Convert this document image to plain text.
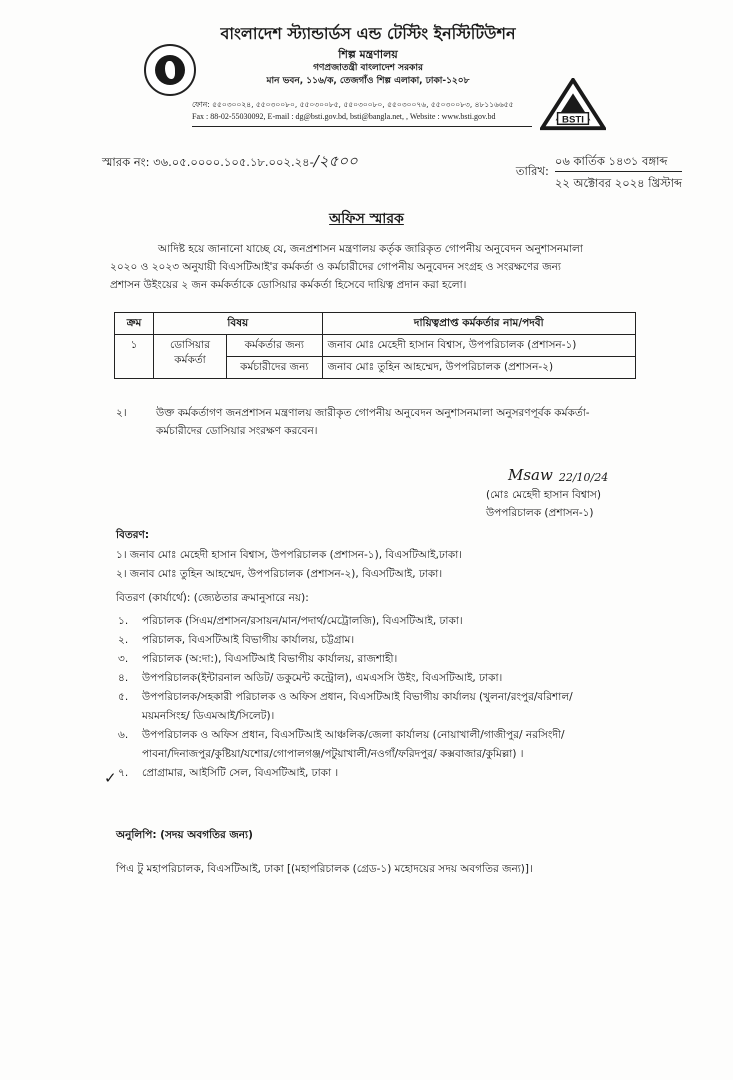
বাংলাদেশ স্ট্যান্ডার্ডস এন্ড টেস্টিং ইনস্টিটিউশন
শিল্প মন্ত্রণালয়
গণপ্রজাতন্ত্রী বাংলাদেশ সরকার
মান ভবন, ১১৬/ক, তেজগাঁও শিল্প এলাকা, ঢাকা-১২০৮
ফোন: ৫৫০৩০০২৪, ৫৫০৩০০৮০, ৫৫০৩০০৮৫, ৫৫০৩০০৮০, ৫৫০৩০০৭৬, ৫৫০৩০০৮৩, ৪৮১১৬৬৫৫
Fax : 88-02-55030092, E-mail : dg@bsti.gov.bd, bsti@bangla.net, , Website : www.bsti.gov.bd	BSTI
স্মারক নং: ৩৬.০৫.০০০০.১০৫.১৮.০০২.২৪-/২৫০০
তারিখ:
০৬ কার্তিক ১৪৩১ বঙ্গাব্দ
২২ অক্টোবর ২০২৪ খ্রিস্টাব্দ
অফিস স্মারক
আদিষ্ট হয়ে জানানো যাচ্ছে যে, জনপ্রশাসন মন্ত্রণালয় কর্তৃক জারিকৃত গোপনীয় অনুবেদন অনুশাসনমালা
২০২০ ও ২০২৩ অনুযায়ী বিএসটিআই'র কর্মকর্তা ও কর্মচারীদের গোপনীয় অনুবেদন সংগ্রহ ও সংরক্ষণের জন্য
প্রশাসন উইংয়ের ২ জন কর্মকর্তাকে ডোসিয়ার কর্মকর্তা হিসেবে দায়িত্ব প্রদান করা হলো।
ক্রম	বিষয়		দায়িত্বপ্রাপ্ত কর্মকর্তার নাম/পদবী
১	ডোসিয়ার কর্মকর্তা	কর্মকর্তার জন্য	জনাব মোঃ মেহেদী হাসান বিশ্বাস, উপপরিচালক (প্রশাসন-১)
		কর্মচারীদের জন্য	জনাব মোঃ তুহিন আহম্মেদ, উপপরিচালক (প্রশাসন-২)
২।	উক্ত কর্মকর্তাগণ জনপ্রশাসন মন্ত্রণালয় জারীকৃত গোপনীয় অনুবেদন অনুশাসনমালা অনুসরণপূর্বক কর্মকর্তা-
কর্মচারীদের ডোসিয়ার সংরক্ষণ করবেন।
Msaw 22/10/24
(মোঃ মেহেদী হাসান বিশ্বাস)
উপপরিচালক (প্রশাসন-১)
বিতরণ:
১। জনাব মোঃ মেহেদী হাসান বিশ্বাস, উপপরিচালক (প্রশাসন-১), বিএসটিআই,ঢাকা।
২। জনাব মোঃ তুহিন আহম্মেদ, উপপরিচালক (প্রশাসন-২), বিএসটিআই, ঢাকা।
বিতরণ (কার্যার্থে): (জ্যেষ্ঠতার ক্রমানুসারে নয়):
১. পরিচালক (সিএম/প্রশাসন/রসায়ন/মান/পদার্থ/মেট্রোলজি), বিএসটিআই, ঢাকা।
২. পরিচালক, বিএসটিআই বিভাগীয় কার্যালয়, চট্টগ্রাম।
৩. পরিচালক (অ:দা:), বিএসটিআই বিভাগীয় কার্যালয়, রাজশাহী।
৪. উপপরিচালক(ইন্টারনাল অডিট/ ডকুমেন্ট কন্ট্রোল), এমএসসি উইং, বিএসটিআই, ঢাকা।
৫. উপপরিচালক/সহকারী পরিচালক ও অফিস প্রধান, বিএসটিআই বিভাগীয় কার্যালয় (খুলনা/রংপুর/বরিশাল/
ময়মনসিংহ/ ডিএমআই/সিলেট)।
৬. উপপরিচালক ও অফিস প্রধান, বিএসটিআই আঞ্চলিক/জেলা কার্যালয় (নোয়াখালী/গাজীপুর/ নরসিংদী/
পাবনা/দিনাজপুর/কুষ্টিয়া/যশোর/গোপালগঞ্জ/পটুয়াখালী/নওগাঁ/ফরিদপুর/ কক্সবাজার/কুমিল্লা) ।
৭. প্রোগ্রামার, আইসিটি সেল, বিএসটিআই, ঢাকা ।
✓
অনুলিপি: (সদয় অবগতির জন্য)
পিএ টু মহাপরিচালক, বিএসটিআই, ঢাকা [(মহাপরিচালক (গ্রেড-১) মহোদয়ের সদয় অবগতির জন্য)]।
